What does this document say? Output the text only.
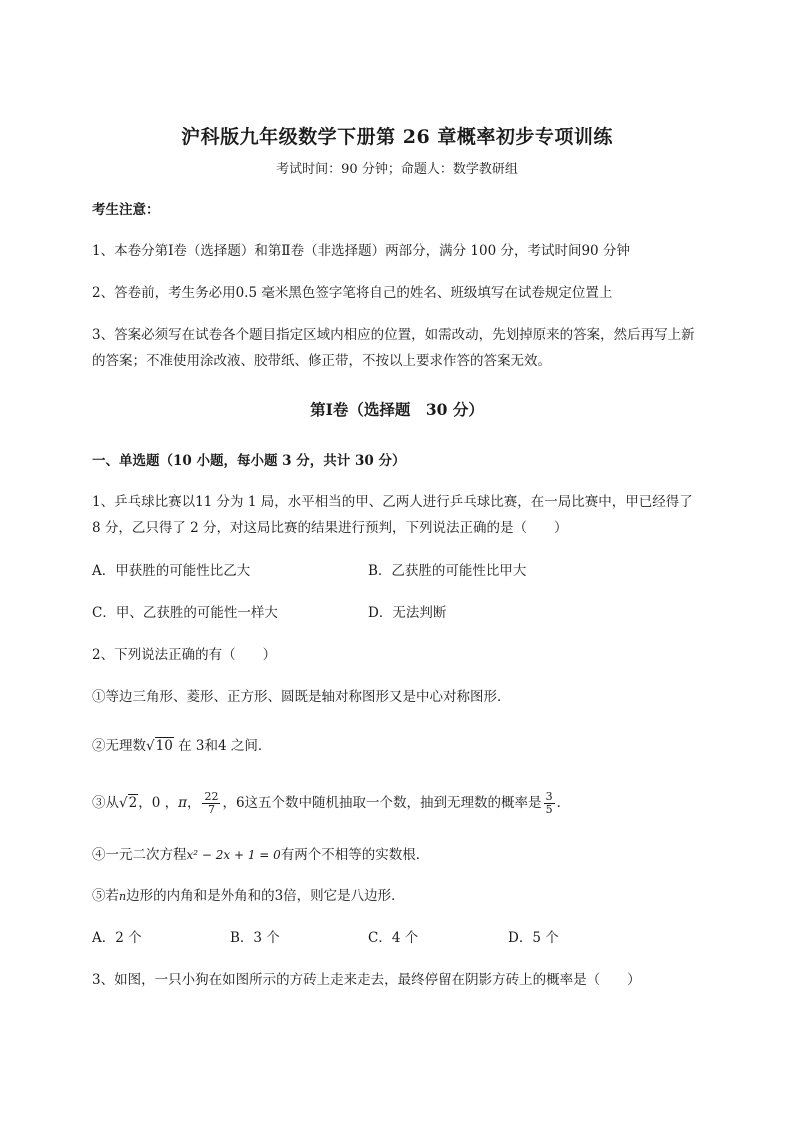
沪科版九年级数学下册第 26 章概率初步专项训练
考试时间：90 分钟；命题人：数学教研组
考生注意：
1、本卷分第Ⅰ卷（选择题）和第Ⅱ卷（非选择题）两部分，满分 100 分，考试时间90 分钟
2、答卷前，考生务必用0.5 毫米黑色签字笔将自己的姓名、班级填写在试卷规定位置上
3、答案必须写在试卷各个题目指定区域内相应的位置，如需改动，先划掉原来的答案，然后再写上新
的答案；不准使用涂改液、胶带纸、修正带，不按以上要求作答的答案无效。
第Ⅰ卷（选择题　30 分）
一、单选题（10 小题，每小题 3 分，共计 30 分）
1、乒乓球比赛以11 分为 1 局，水平相当的甲、乙两人进行乒乓球比赛，在一局比赛中，甲已经得了
8 分，乙只得了 2 分，对这局比赛的结果进行预判，下列说法正确的是（　　）
A．甲获胜的可能性比乙大	B．乙获胜的可能性比甲大
C．甲、乙获胜的可能性一样大	D．无法判断
2、下列说法正确的有（　　）
①等边三角形、菱形、正方形、圆既是轴对称图形又是中心对称图形．
②无理数√10 在 3和4 之间．
③从√2，0 ，π， $\frac{22}{7}$ ，6这五个数中随机抽取一个数，抽到无理数的概率是 $\frac{3}{5}$ ．
④一元二次方程x² − 2x + 1 = 0有两个不相等的实数根．
⑤若n边形的内角和是外角和的3倍，则它是八边形．
A．2 个	B．3 个	C．4 个	D．5 个
3、如图，一只小狗在如图所示的方砖上走来走去，最终停留在阴影方砖上的概率是（　　）
